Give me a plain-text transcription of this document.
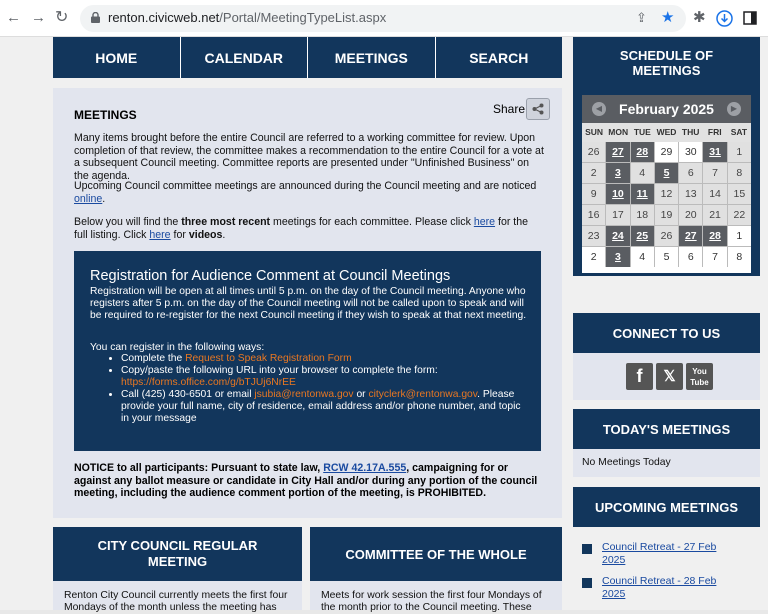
← → ↻	renton.civicweb.net/Portal/MeetingTypeList.aspx	⇪ ★ ✱
HOME	CALENDAR	MEETINGS	SEARCH
MEETINGS	Share
Many items brought before the entire Council are referred to a working committee for review. Upon completion of that review, the committee makes a recommendation to the entire Council for a vote at a subsequent Council meeting. Committee reports are presented under "Unfinished Business" on the agenda.
Upcoming Council committee meetings are announced during the Council meeting and are noticed online.
Below you will find the three most recent meetings for each committee. Please click here for the full listing. Click here for videos.
Registration for Audience Comment at Council Meetings
Registration will be open at all times until 5 p.m. on the day of the Council meeting. Anyone who registers after 5 p.m. on the day of the Council meeting will not be called upon to speak and will be required to re-register for the next Council meeting if they wish to speak at that next meeting.
You can register in the following ways:
• Complete the Request to Speak Registration Form
• Copy/paste the following URL into your browser to complete the form: https://forms.office.com/g/bTJUj6NrEE
• Call (425) 430-6501 or email jsubia@rentonwa.gov or cityclerk@rentonwa.gov. Please provide your full name, city of residence, email address and/or phone number, and topic in your message
NOTICE to all participants: Pursuant to state law, RCW 42.17A.555, campaigning for or against any ballot measure or candidate in City Hall and/or during any portion of the council meeting, including the audience comment portion of the meeting, is PROHIBITED.
CITY COUNCIL REGULAR MEETING
Renton City Council currently meets the first four Mondays of the month unless the meeting has
COMMITTEE OF THE WHOLE
Meets for work session the first four Mondays of the month prior to the Council meeting. These
SCHEDULE OF MEETINGS
February 2025
◀	▶
SUN MON TUE WED THU	FRI	SAT
26	27	28	29	30	31	1
2	3	4	5	6	7	8
9	10	11	12	13	14	15
16	17	18	19	20	21	22
23	24	25	26	27	28	1
2	3	4	5	6	7	8
CONNECT TO US
f	𝕏	You
Tube
TODAY'S MEETINGS
No Meetings Today
UPCOMING MEETINGS
Council Retreat - 27 Feb 2025
Council Retreat - 28 Feb 2025
